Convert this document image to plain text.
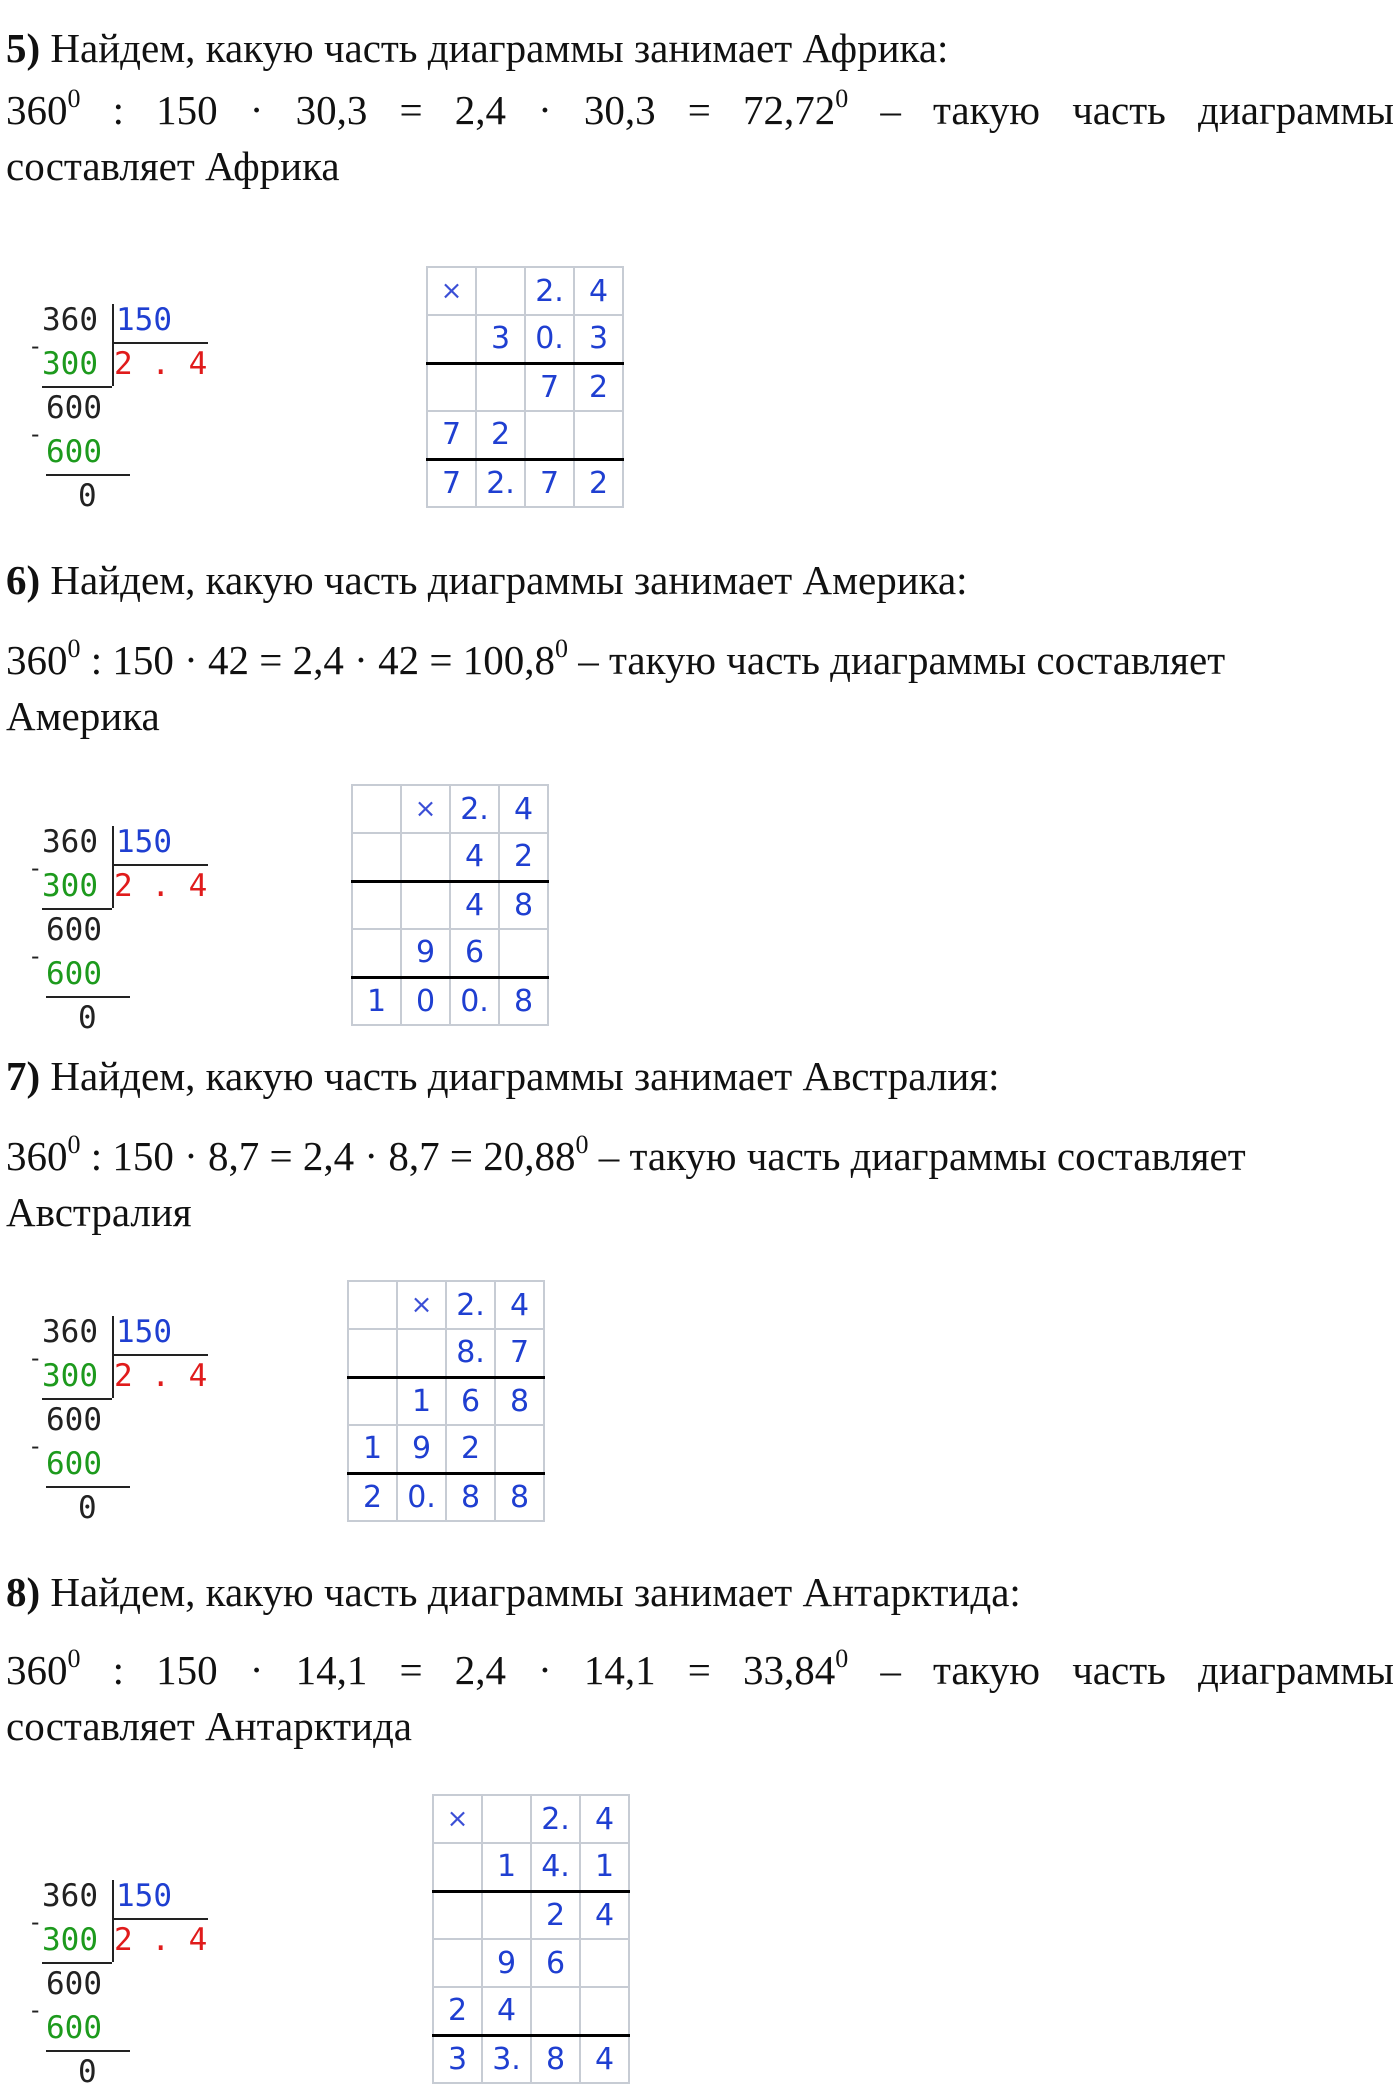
5) Найдем, какую часть диаграммы занимает Африка:
$360^0$ : $150 \cdot 30,3 = 2,4 \cdot 30,3 = 72,72^0$ – такую часть диаграммы
составляет Африка
360 150
- 300 2 . 4
600
- 600
0
×		2.	4
	3	0.	3
		7	2
7	2		
7	2.	7	2
6) Найдем, какую часть диаграммы занимает Америка:
$360^0$ : $150 \cdot 42 = 2,4 \cdot 42 = 100,8^0$ – такую часть диаграммы составляет
Америка
360 150
- 300 2 . 4
600
- 600
0
	×	2.	4
		4	2
		4	8
	9	6	
1	0	0.	8
7) Найдем, какую часть диаграммы занимает Австралия:
$360^0$ : $150 \cdot 8,7 = 2,4 \cdot 8,7 = 20,88^0$ – такую часть диаграммы составляет
Австралия
360 150
- 300 2 . 4
600
- 600
0
	×	2.	4
		8.	7
	1	6	8
1	9	2	
2	0.	8	8
8) Найдем, какую часть диаграммы занимает Антарктида:
$360^0$ : $150 \cdot 14,1 = 2,4 \cdot 14,1 = 33,84^0$ – такую часть диаграммы
составляет Антарктида
360 150
- 300 2 . 4
600
- 600
0
×		2.	4
	1	4.	1
		2	4
	9	6	
2	4		
3	3.	8	4
